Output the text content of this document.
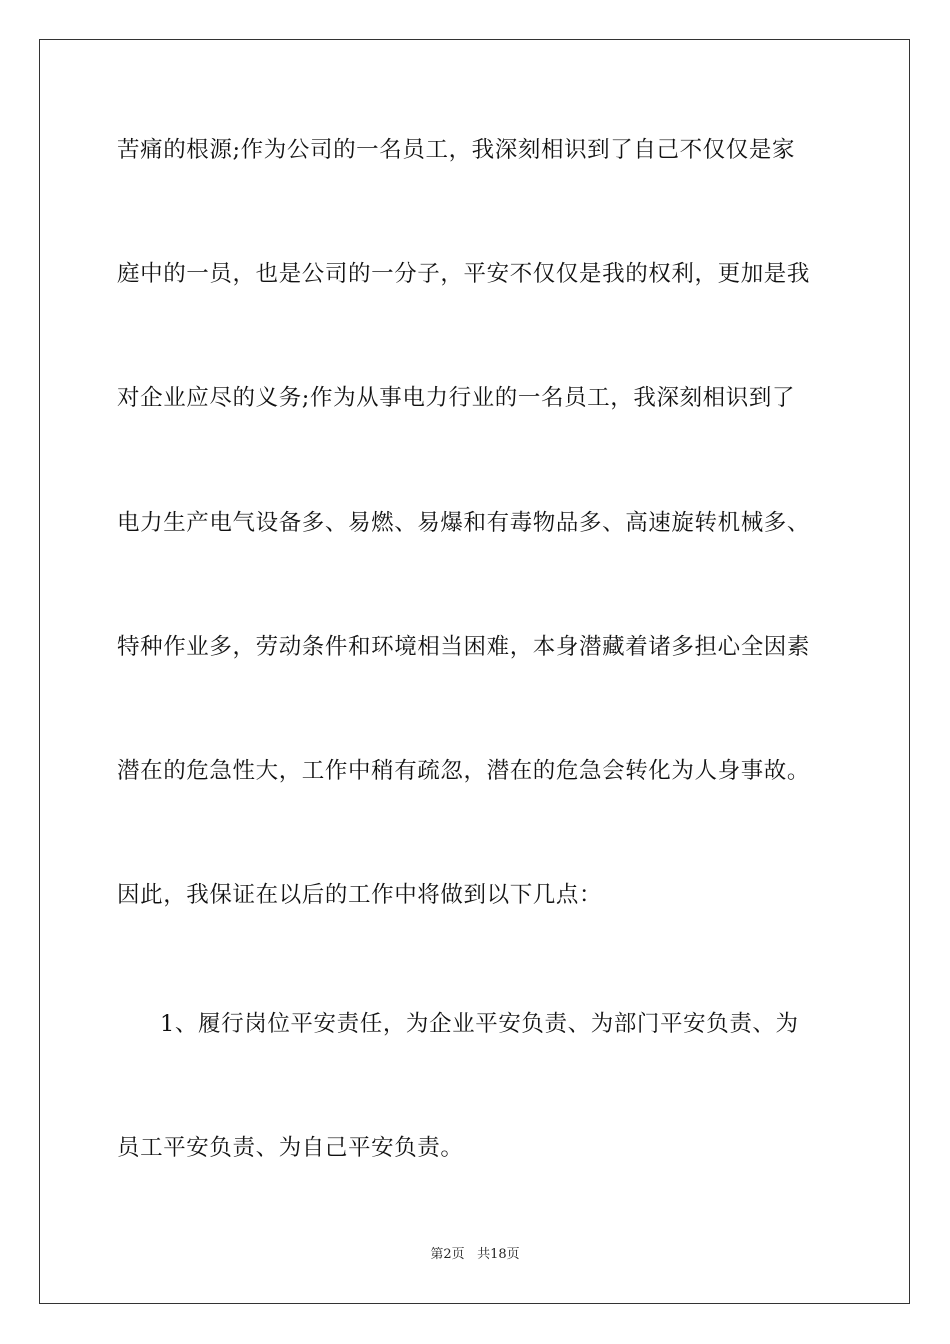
苦痛的根源;作为公司的一名员工，我深刻相识到了自己不仅仅是家
庭中的一员，也是公司的一分子，平安不仅仅是我的权利，更加是我
对企业应尽的义务;作为从事电力行业的一名员工，我深刻相识到了
电力生产电气设备多、易燃、易爆和有毒物品多、高速旋转机械多、
特种作业多，劳动条件和环境相当困难，本身潜藏着诸多担心全因素
潜在的危急性大，工作中稍有疏忽，潜在的危急会转化为人身事故。
因此，我保证在以后的工作中将做到以下几点：
1、履行岗位平安责任，为企业平安负责、为部门平安负责、为
员工平安负责、为自己平安负责。
第2页 共18页
